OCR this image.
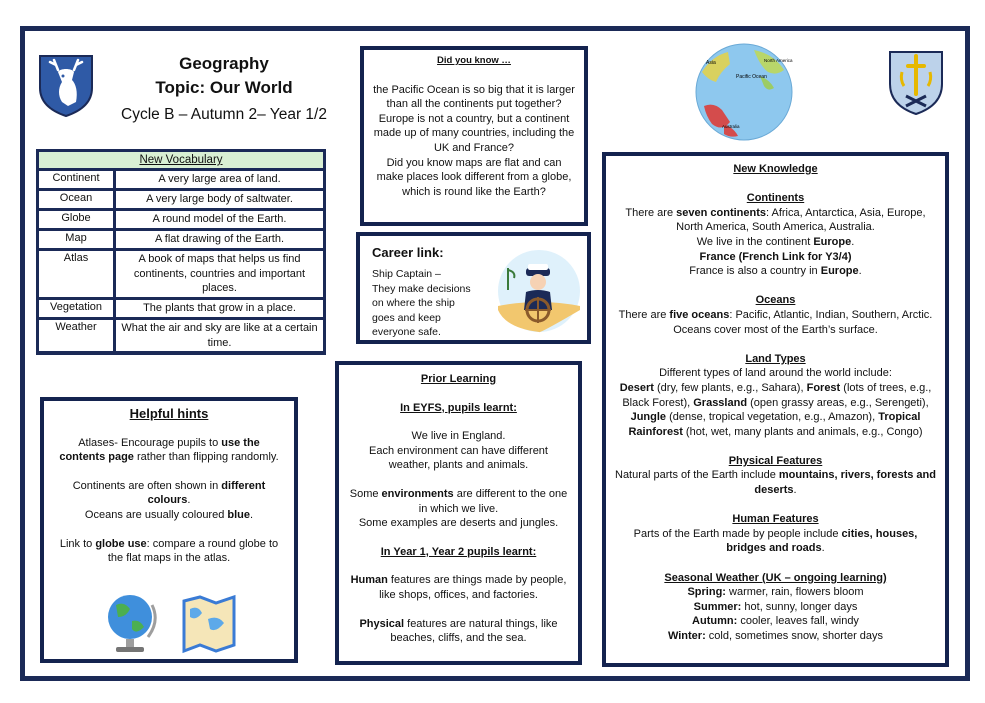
Geography
Topic: Our World
Cycle B – Autumn 2– Year 1/2
New Vocabulary
Continent	A very large area of land.
Ocean	A very large body of saltwater.
Globe	A round model of the Earth.
Map	A flat drawing of the Earth.
Atlas	A book of maps that helps us find continents, countries and important places.
Vegetation	The plants that grow in a place.
Weather	What the air and sky are like at a certain time.
Did you know …
the Pacific Ocean is so big that it is larger than all the continents put together?
Europe is not a country, but a continent made up of many countries, including the UK and France?
Did you know maps are flat and can make places look different from a globe, which is round like the Earth?
Career link:
Ship Captain –
They make decisions
on where the ship
goes and keep
everyone safe.
Asia	North America
Pacific Ocean
Australia
Helpful hints

Atlases- Encourage pupils to use the contents page rather than flipping randomly.

Continents are often shown in different colours.
Oceans are usually coloured blue.

Link to globe use: compare a round globe to the flat maps in the atlas.

Prior Learning
In EYFS, pupils learnt:

We live in England.
Each environment can have different weather, plants and animals.

Some environments are different to the one in which we live.
Some examples are deserts and jungles.

In Year 1, Year 2 pupils learnt:

Human features are things made by people, like shops, offices, and factories.

Physical features are natural things, like beaches, cliffs, and the sea.

New Knowledge
Continents

There are seven continents: Africa, Antarctica, Asia, Europe, North America, South America, Australia.
We live in the continent Europe.
France (French Link for Y3/4)
France is also a country in Europe.

Oceans

There are five oceans: Pacific, Atlantic, Indian, Southern, Arctic. Oceans cover most of the Earth’s surface.

Land Types

Different types of land around the world include:
Desert (dry, few plants, e.g., Sahara), Forest (lots of trees, e.g., Black Forest), Grassland (open grassy areas, e.g., Serengeti), Jungle (dense, tropical vegetation, e.g., Amazon), Tropical Rainforest (hot, wet, many plants and animals, e.g., Congo)

Physical Features

Natural parts of the Earth include mountains, rivers, forests and deserts.

Human Features

Parts of the Earth made by people include cities, houses, bridges and roads.

Seasonal Weather (UK – ongoing learning)
Spring: warmer, rain, flowers bloom
Summer: hot, sunny, longer days
Autumn: cooler, leaves fall, windy
Winter: cold, sometimes snow, shorter days
